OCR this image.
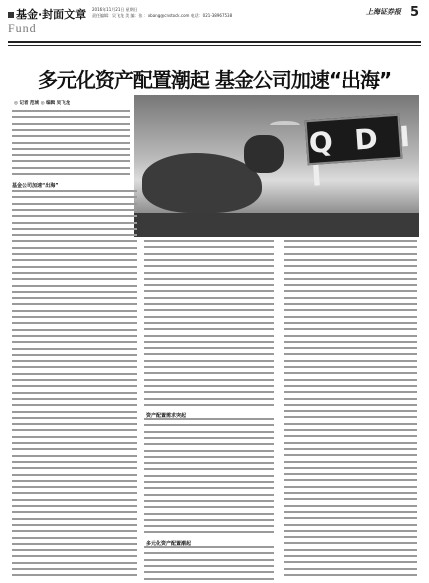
基金·封面文章
Fund
2016年11月21日 星期日
责任编辑：吴飞龙 美 编：张 ：xbang@cnstock.com 电话：021-38967538	上海证券报 5
多元化资产配置潮起 基金公司加速“出海”
◎ 记者 范城 ◎ 编辑 吴飞龙
Q D I I
基金公司加速“出海”
资产配置需求突起
多元化资产配置潮起
